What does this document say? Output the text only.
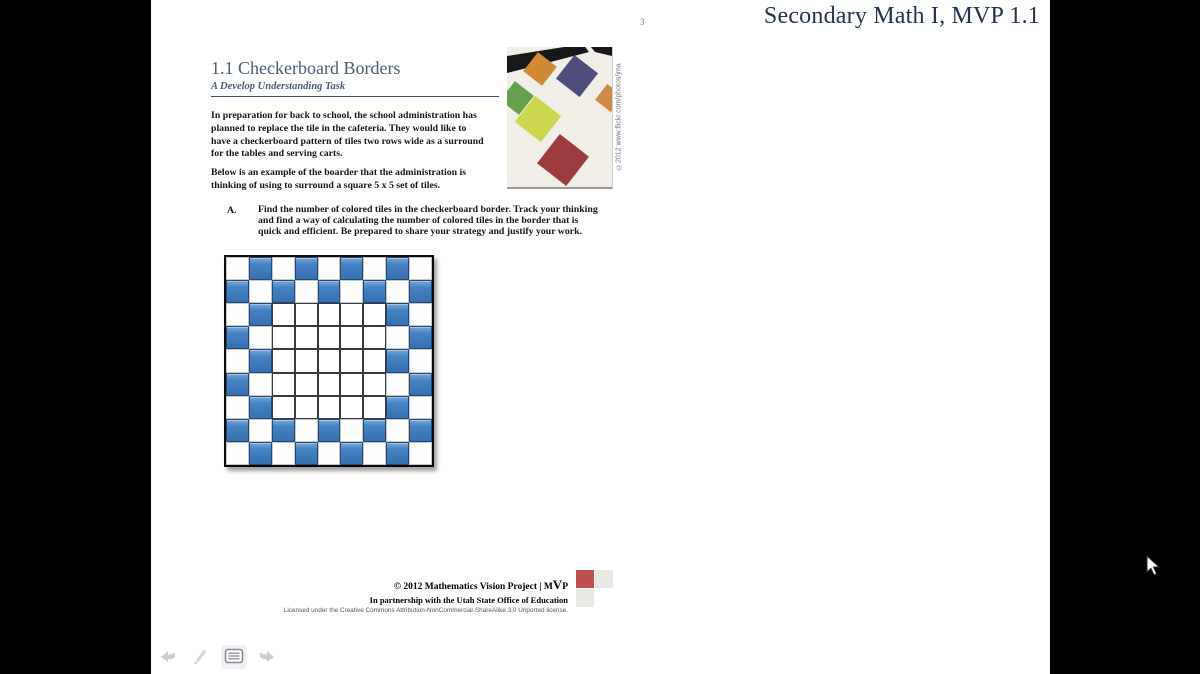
Secondary Math I, MVP 1.1
3
1.1 Checkerboard Borders
A Develop Understanding Task

In preparation for back to school, the school administration has planned to replace the tile in the cafeteria. They would like to have a checkerboard pattern of tiles two rows wide as a surround for the tables and serving carts.

Below is an example of the boarder that the administration is thinking of using to surround a square 5 x 5 set of tiles.

A. Find the number of colored tiles in the checkerboard border. Track your thinking and find a way of calculating the number of colored tiles in the border that is quick and efficient. Be prepared to share your strategy and justify your work.
©2012 www.flickr.com/photos/jma
© 2012 Mathematics Vision Project | MVP
In partnership with the Utah State Office of Education
Licensed under the Creative Commons Attribution-NonCommercial-ShareAlike 3.0 Unported license.
